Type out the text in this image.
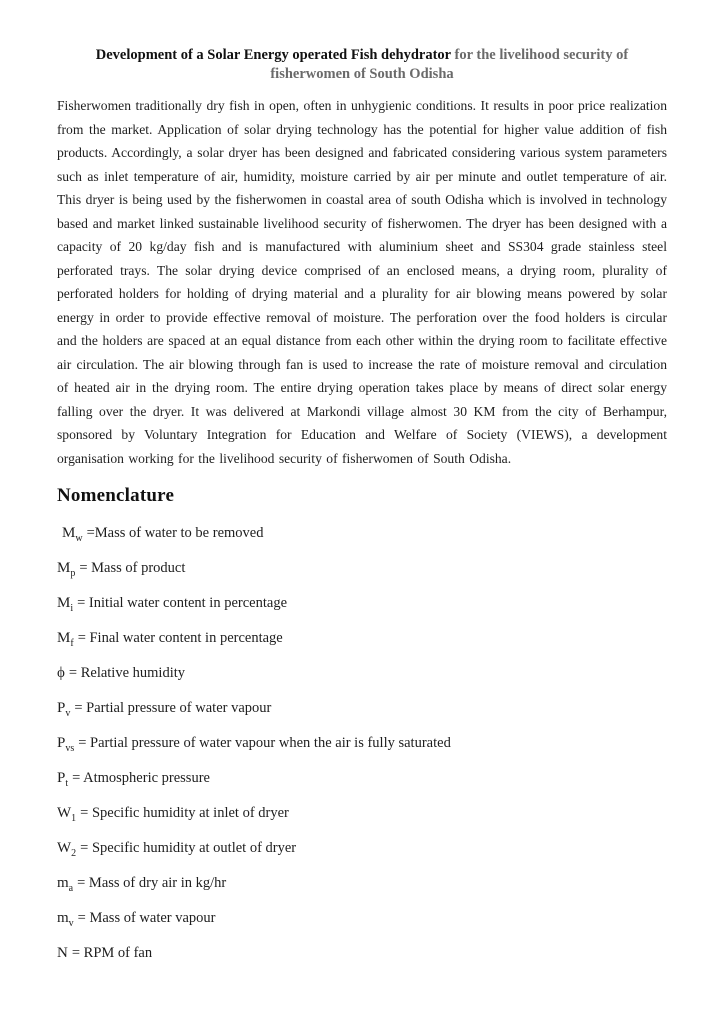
Development of a Solar Energy operated Fish dehydrator for the livelihood security of fisherwomen of South Odisha

Fisherwomen traditionally dry fish in open, often in unhygienic conditions. It results in poor price realization from the market. Application of solar drying technology has the potential for higher value addition of fish products. Accordingly, a solar dryer has been designed and fabricated considering various system parameters such as inlet temperature of air, humidity, moisture carried by air per minute and outlet temperature of air. This dryer is being used by the fisherwomen in coastal area of south Odisha which is involved in technology based and market linked sustainable livelihood security of fisherwomen. The dryer has been designed with a capacity of 20 kg/day fish and is manufactured with aluminium sheet and SS304 grade stainless steel perforated trays. The solar drying device comprised of an enclosed means, a drying room, plurality of perforated holders for holding of drying material and a plurality for air blowing means powered by solar energy in order to provide effective removal of moisture. The perforation over the food holders is circular and the holders are spaced at an equal distance from each other within the drying room to facilitate effective air circulation. The air blowing through fan is used to increase the rate of moisture removal and circulation of heated air in the drying room. The entire drying operation takes place by means of direct solar energy falling over the dryer. It was delivered at Markondi village almost 30 KM from the city of Berhampur, sponsored by Voluntary Integration for Education and Welfare of Society (VIEWS), a development organisation working for the livelihood security of fisherwomen of South Odisha.

Nomenclature
$M_w$ =Mass of water to be removed
$M_p$ = Mass of product
$M_i$ = Initial water content in percentage
$M_f$ = Final water content in percentage
ϕ = Relative humidity
$P_v$ = Partial pressure of water vapour
$P_{vs}$ = Partial pressure of water vapour when the air is fully saturated
$P_t$ = Atmospheric pressure
$W_1$ = Specific humidity at inlet of dryer
$W_2$ = Specific humidity at outlet of dryer
$m_a$ = Mass of dry air in kg/hr
$m_v$ = Mass of water vapour
N = RPM of fan
